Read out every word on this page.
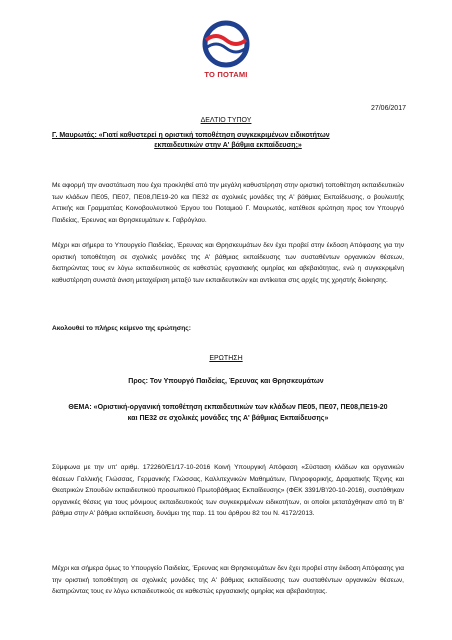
ΤΟ ΠΟΤΑΜΙ
27/06/2017
ΔΕΛΤΙΟ ΤΥΠΟΥ
Γ. Μαυρωτάς: «Γιατί καθυστερεί η οριστική τοποθέτηση συγκεκριμένων ειδικοτήτων
εκπαιδευτικών στην Α' βάθμια εκπαίδευση;»
Με αφορμή την αναστάτωση που έχει προκληθεί από την μεγάλη καθυστέρηση στην οριστική τοποθέτηση εκπαιδευτικών των κλάδων ΠΕ05, ΠΕ07, ΠΕ08,ΠΕ19-20 και ΠΕ32 σε σχολικές μονάδες της Α' βάθμιας Εκπαίδευσης, ο βουλευτής Αττικής και Γραμματέας Κοινοβουλευτικού Έργου του Ποταμιού Γ. Μαυρωτάς, κατέθεσε ερώτηση προς τον Υπουργό Παιδείας, Έρευνας και Θρησκευμάτων κ. Γαβρόγλου.
Μέχρι και σήμερα το Υπουργείο Παιδείας, Έρευνας και Θρησκευμάτων δεν έχει προβεί στην έκδοση Απόφασης για την οριστική τοποθέτηση σε σχολικές μονάδες της Α' βάθμιας εκπαίδευσης των συσταθέντων οργανικών θέσεων, διατηρώντας τους εν λόγω εκπαιδευτικούς σε καθεστώς εργασιακής ομηρίας και αβεβαιότητας, ενώ η συγκεκριμένη καθυστέρηση συνιστά άνιση μεταχείριση μεταξύ των εκπαιδευτικών και αντίκειται στις αρχές της χρηστής διοίκησης.
Ακολουθεί το πλήρες κείμενο της ερώτησης:
ΕΡΩΤΗΣΗ
Προς: Τον Υπουργό Παιδείας, Έρευνας και Θρησκευμάτων
ΘΕΜΑ: «Οριστική-οργανική τοποθέτηση εκπαιδευτικών των κλάδων ΠΕ05, ΠΕ07, ΠΕ08,ΠΕ19-20
και ΠΕ32 σε σχολικές μονάδες της Α' βάθμιας Εκπαίδευσης»
Σύμφωνα με την υπ' αριθμ. 172260/Ε1/17-10-2016 Κοινή Υπουργική Απόφαση «Σύσταση κλάδων και οργανικών θέσεων Γαλλικής Γλώσσας, Γερμανικής Γλώσσας, Καλλιτεχνικών Μαθημάτων, Πληροφορικής, Δραματικής Τέχνης και Θεατρικών Σπουδών εκπαιδευτικού προσωπικού Πρωτοβάθμιας Εκπαίδευσης» (ΦΕΚ 3391/Β'/20-10-2016), συστάθηκαν οργανικές θέσεις για τους μόνιμους εκπαιδευτικούς των συγκεκριμένων ειδικοτήτων, οι οποίοι μετατάχθηκαν από τη Β' βάθμια στην Α' βάθμια εκπαίδευση, δυνάμει της παρ. 11 του άρθρου 82 του Ν. 4172/2013.
Μέχρι και σήμερα όμως το Υπουργείο Παιδείας, Έρευνας και Θρησκευμάτων δεν έχει προβεί στην έκδοση Απόφασης για την οριστική τοποθέτηση σε σχολικές μονάδες της Α' βάθμιας εκπαίδευσης των συσταθέντων οργανικών θέσεων, διατηρώντας τους εν λόγω εκπαιδευτικούς σε καθεστώς εργασιακής ομηρίας και αβεβαιότητας.
